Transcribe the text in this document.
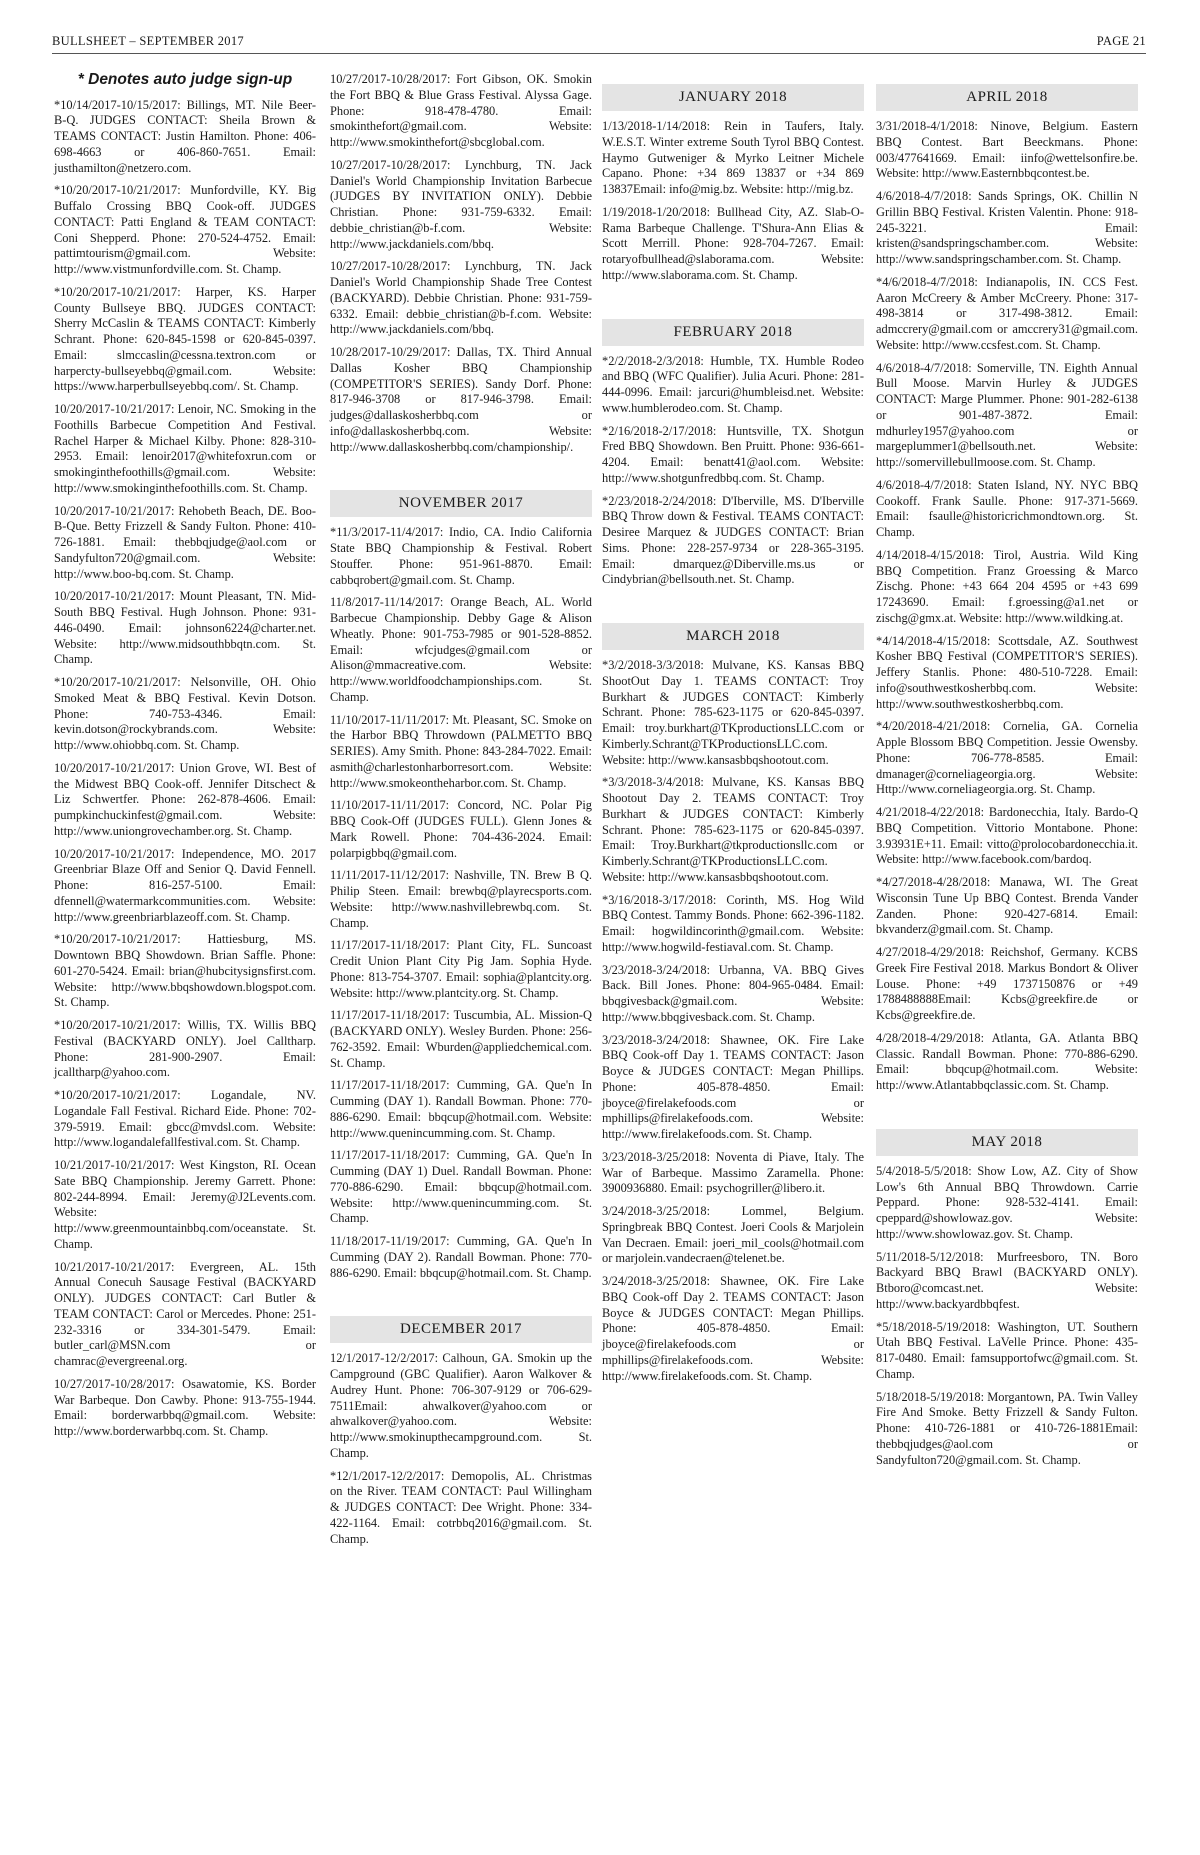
BULLSHEET – SEPTEMBER 2017	PAGE 21
* Denotes auto judge sign-up

*10/14/2017-10/15/2017: Billings, MT. Nile Beer-B-Q. JUDGES CONTACT: Sheila Brown & TEAMS CONTACT: Justin Hamilton. Phone: 406-698-4663 or 406-860-7651. Email: justhamilton@netzero.com.

*10/20/2017-10/21/2017: Munfordville, KY. Big Buffalo Crossing BBQ Cook-off. JUDGES CONTACT: Patti England & TEAM CONTACT: Coni Shepperd. Phone: 270-524-4752. Email: pattimtourism@gmail.com. Website: http://www.vistmunfordville.com. St. Champ.

*10/20/2017-10/21/2017: Harper, KS. Harper County Bullseye BBQ. JUDGES CONTACT: Sherry McCaslin & TEAMS CONTACT: Kimberly Schrant. Phone: 620-845-1598 or 620-845-0397. Email: slmccaslin@cessna.textron.com or harpercty-bullseyebbq@gmail.com. Website: https://www.harperbullseyebbq.com/. St. Champ.

10/20/2017-10/21/2017: Lenoir, NC. Smoking in the Foothills Barbecue Competition And Festival. Rachel Harper & Michael Kilby. Phone: 828-310-2953. Email: lenoir2017@whitefoxrun.com or smokinginthefoothills@gmail.com. Website: http://www.smokinginthefoothills.com. St. Champ.

10/20/2017-10/21/2017: Rehobeth Beach, DE. Boo-B-Que. Betty Frizzell & Sandy Fulton. Phone: 410-726-1881. Email: thebbqjudge@aol.com or Sandyfulton720@gmail.com. Website: http://www.boo-bq.com. St. Champ.

10/20/2017-10/21/2017: Mount Pleasant, TN. Mid-South BBQ Festival. Hugh Johnson. Phone: 931-446-0490. Email: johnson6224@charter.net. Website: http://www.midsouthbbqtn.com. St. Champ.

*10/20/2017-10/21/2017: Nelsonville, OH. Ohio Smoked Meat & BBQ Festival. Kevin Dotson. Phone: 740-753-4346. Email: kevin.dotson@rockybrands.com. Website: http://www.ohiobbq.com. St. Champ.

10/20/2017-10/21/2017: Union Grove, WI. Best of the Midwest BBQ Cook-off. Jennifer Ditschect & Liz Schwertfer. Phone: 262-878-4606. Email: pumpkinchuckinfest@gmail.com. Website: http://www.uniongrovechamber.org. St. Champ.

10/20/2017-10/21/2017: Independence, MO. 2017 Greenbriar Blaze Off and Senior Q. David Fennell. Phone: 816-257-5100. Email: dfennell@watermarkcommunities.com. Website: http://www.greenbriarblazeoff.com. St. Champ.

*10/20/2017-10/21/2017: Hattiesburg, MS. Downtown BBQ Showdown. Brian Saffle. Phone: 601-270-5424. Email: brian@hubcitysignsfirst.com. Website: http://www.bbqshowdown.blogspot.com. St. Champ.

*10/20/2017-10/21/2017: Willis, TX. Willis BBQ Festival (BACKYARD ONLY). Joel Calltharp. Phone: 281-900-2907. Email: jcalltharp@yahoo.com.

*10/20/2017-10/21/2017: Logandale, NV. Logandale Fall Festival. Richard Eide. Phone: 702-379-5919. Email: gbcc@mvdsl.com. Website: http://www.logandalefallfestival.com. St. Champ.

10/21/2017-10/21/2017: West Kingston, RI. Ocean Sate BBQ Championship. Jeremy Garrett. Phone: 802-244-8994. Email: Jeremy@J2Levents.com. Website: http://www.greenmountainbbq.com/oceanstate. St. Champ.

10/21/2017-10/21/2017: Evergreen, AL. 15th Annual Conecuh Sausage Festival (BACKYARD ONLY). JUDGES CONTACT: Carl Butler & TEAM CONTACT: Carol or Mercedes. Phone: 251-232-3316 or 334-301-5479. Email: butler_carl@MSN.com or chamrac@evergreenal.org.

10/27/2017-10/28/2017: Osawatomie, KS. Border War Barbeque. Don Cawby. Phone: 913-755-1944. Email: borderwarbbq@gmail.com. Website: http://www.borderwarbbq.com. St. Champ.

10/27/2017-10/28/2017: Fort Gibson, OK. Smokin the Fort BBQ & Blue Grass Festival. Alyssa Gage. Phone: 918-478-4780. Email: smokinthefort@gmail.com. Website: http://www.smokinthefort@sbcglobal.com.

10/27/2017-10/28/2017: Lynchburg, TN. Jack Daniel's World Championship Invitation Barbecue (JUDGES BY INVITATION ONLY). Debbie Christian. Phone: 931-759-6332. Email: debbie_christian@b-f.com. Website: http://www.jackdaniels.com/bbq.

10/27/2017-10/28/2017: Lynchburg, TN. Jack Daniel's World Championship Shade Tree Contest (BACKYARD). Debbie Christian. Phone: 931-759-6332. Email: debbie_christian@b-f.com. Website: http://www.jackdaniels.com/bbq.

10/28/2017-10/29/2017: Dallas, TX. Third Annual Dallas Kosher BBQ Championship (COMPETITOR'S SERIES). Sandy Dorf. Phone: 817-946-3708 or 817-946-3798. Email: judges@dallaskosherbbq.com or info@dallaskosherbbq.com. Website: http://www.dallaskosherbbq.com/championship/.

NOVEMBER 2017

*11/3/2017-11/4/2017: Indio, CA. Indio California State BBQ Championship & Festival. Robert Stouffer. Phone: 951-961-8870. Email: cabbqrobert@gmail.com. St. Champ.

11/8/2017-11/14/2017: Orange Beach, AL. World Barbecue Championship. Debby Gage & Alison Wheatly. Phone: 901-753-7985 or 901-528-8852. Email: wfcjudges@gmail.com or Alison@mmacreative.com. Website: http://www.worldfoodchampionships.com. St. Champ.

11/10/2017-11/11/2017: Mt. Pleasant, SC. Smoke on the Harbor BBQ Throwdown (PALMETTO BBQ SERIES). Amy Smith. Phone: 843-284-7022. Email: asmith@charlestonharborresort.com. Website: http://www.smokeontheharbor.com. St. Champ.

11/10/2017-11/11/2017: Concord, NC. Polar Pig BBQ Cook-Off (JUDGES FULL). Glenn Jones & Mark Rowell. Phone: 704-436-2024. Email: polarpigbbq@gmail.com.

11/11/2017-11/12/2017: Nashville, TN. Brew B Q. Philip Steen. Email: brewbq@playrecsports.com. Website: http://www.nashvillebrewbq.com. St. Champ.

11/17/2017-11/18/2017: Plant City, FL. Suncoast Credit Union Plant City Pig Jam. Sophia Hyde. Phone: 813-754-3707. Email: sophia@plantcity.org. Website: http://www.plantcity.org. St. Champ.

11/17/2017-11/18/2017: Tuscumbia, AL. Mission-Q (BACKYARD ONLY). Wesley Burden. Phone: 256-762-3592. Email: Wburden@appliedchemical.com. St. Champ.

11/17/2017-11/18/2017: Cumming, GA. Que'n In Cumming (DAY 1). Randall Bowman. Phone: 770-886-6290. Email: bbqcup@hotmail.com. Website: http://www.quenincumming.com. St. Champ.

11/17/2017-11/18/2017: Cumming, GA. Que'n In Cumming (DAY 1) Duel. Randall Bowman. Phone: 770-886-6290. Email: bbqcup@hotmail.com. Website: http://www.quenincumming.com. St. Champ.

11/18/2017-11/19/2017: Cumming, GA. Que'n In Cumming (DAY 2). Randall Bowman. Phone: 770-886-6290. Email: bbqcup@hotmail.com. St. Champ.

DECEMBER 2017

12/1/2017-12/2/2017: Calhoun, GA. Smokin up the Campground (GBC Qualifier). Aaron Walkover & Audrey Hunt. Phone: 706-307-9129 or 706-629-7511Email: ahwalkover@yahoo.com or ahwalkover@yahoo.com. Website: http://www.smokinupthecampground.com. St. Champ.

*12/1/2017-12/2/2017: Demopolis, AL. Christmas on the River. TEAM CONTACT: Paul Willingham & JUDGES CONTACT: Dee Wright. Phone: 334-422-1164. Email: cotrbbq2016@gmail.com. St. Champ.

JANUARY 2018

1/13/2018-1/14/2018: Rein in Taufers, Italy. W.E.S.T. Winter extreme South Tyrol BBQ Contest. Haymo Gutweniger & Myrko Leitner Michele Capano. Phone: +34 869 13837 or +34 869 13837Email: info@mig.bz. Website: http://mig.bz.

1/19/2018-1/20/2018: Bullhead City, AZ. Slab-O-Rama Barbeque Challenge. T'Shura-Ann Elias & Scott Merrill. Phone: 928-704-7267. Email: rotaryofbullhead@slaborama.com. Website: http://www.slaborama.com. St. Champ.

FEBRUARY 2018

*2/2/2018-2/3/2018: Humble, TX. Humble Rodeo and BBQ (WFC Qualifier). Julia Acuri. Phone: 281-444-0996. Email: jarcuri@humbleisd.net. Website: www.humblerodeo.com. St. Champ.

*2/16/2018-2/17/2018: Huntsville, TX. Shotgun Fred BBQ Showdown. Ben Pruitt. Phone: 936-661-4204. Email: benatt41@aol.com. Website: http://www.shotgunfredbbq.com. St. Champ.

*2/23/2018-2/24/2018: D'Iberville, MS. D'Iberville BBQ Throw down & Festival. TEAMS CONTACT: Desiree Marquez & JUDGES CONTACT: Brian Sims. Phone: 228-257-9734 or 228-365-3195. Email: dmarquez@Diberville.ms.us or Cindybrian@bellsouth.net. St. Champ.

MARCH 2018

*3/2/2018-3/3/2018: Mulvane, KS. Kansas BBQ ShootOut Day 1. TEAMS CONTACT: Troy Burkhart & JUDGES CONTACT: Kimberly Schrant. Phone: 785-623-1175 or 620-845-0397. Email: troy.burkhart@TKproductionsLLC.com or Kimberly.Schrant@TKProductionsLLC.com. Website: http://www.kansasbbqshootout.com.

*3/3/2018-3/4/2018: Mulvane, KS. Kansas BBQ Shootout Day 2. TEAMS CONTACT: Troy Burkhart & JUDGES CONTACT: Kimberly Schrant. Phone: 785-623-1175 or 620-845-0397. Email: Troy.Burkhart@tkproductionsllc.com or Kimberly.Schrant@TKProductionsLLC.com. Website: http://www.kansasbbqshootout.com.

*3/16/2018-3/17/2018: Corinth, MS. Hog Wild BBQ Contest. Tammy Bonds. Phone: 662-396-1182. Email: hogwildincorinth@gmail.com. Website: http://www.hogwild-festiaval.com. St. Champ.

3/23/2018-3/24/2018: Urbanna, VA. BBQ Gives Back. Bill Jones. Phone: 804-965-0484. Email: bbqgivesback@gmail.com. Website: http://www.bbqgivesback.com. St. Champ.

3/23/2018-3/24/2018: Shawnee, OK. Fire Lake BBQ Cook-off Day 1. TEAMS CONTACT: Jason Boyce & JUDGES CONTACT: Megan Phillips. Phone: 405-878-4850. Email: jboyce@firelakefoods.com or mphillips@firelakefoods.com. Website: http://www.firelakefoods.com. St. Champ.

3/23/2018-3/25/2018: Noventa di Piave, Italy. The War of Barbeque. Massimo Zaramella. Phone: 3900936880. Email: psychogriller@libero.it.

3/24/2018-3/25/2018: Lommel, Belgium. Springbreak BBQ Contest. Joeri Cools & Marjolein Van Decraen. Email: joeri_mil_cools@hotmail.com or marjolein.vandecraen@telenet.be.

3/24/2018-3/25/2018: Shawnee, OK. Fire Lake BBQ Cook-off Day 2. TEAMS CONTACT: Jason Boyce & JUDGES CONTACT: Megan Phillips. Phone: 405-878-4850. Email: jboyce@firelakefoods.com or mphillips@firelakefoods.com. Website: http://www.firelakefoods.com. St. Champ.

APRIL 2018

3/31/2018-4/1/2018: Ninove, Belgium. Eastern BBQ Contest. Bart Beeckmans. Phone: 003/477641669. Email: iinfo@wettelsonfire.be. Website: http://www.Easternbbqcontest.be.

4/6/2018-4/7/2018: Sands Springs, OK. Chillin N Grillin BBQ Festival. Kristen Valentin. Phone: 918-245-3221. Email: kristen@sandspringschamber.com. Website: http://www.sandspringschamber.com. St. Champ.

*4/6/2018-4/7/2018: Indianapolis, IN. CCS Fest. Aaron McCreery & Amber McCreery. Phone: 317-498-3814 or 317-498-3812. Email: admccrery@gmail.com or amccrery31@gmail.com. Website: http://www.ccsfest.com. St. Champ.

4/6/2018-4/7/2018: Somerville, TN. Eighth Annual Bull Moose. Marvin Hurley & JUDGES CONTACT: Marge Plummer. Phone: 901-282-6138 or 901-487-3872. Email: mdhurley1957@yahoo.com or margeplummer1@bellsouth.net. Website: http://somervillebullmoose.com. St. Champ.

4/6/2018-4/7/2018: Staten Island, NY. NYC BBQ Cookoff. Frank Saulle. Phone: 917-371-5669. Email: fsaulle@historicrichmondtown.org. St. Champ.

4/14/2018-4/15/2018: Tirol, Austria. Wild King BBQ Competition. Franz Groessing & Marco Zischg. Phone: +43 664 204 4595 or +43 699 17243690. Email: f.groessing@a1.net or zischg@gmx.at. Website: http://www.wildking.at.

*4/14/2018-4/15/2018: Scottsdale, AZ. Southwest Kosher BBQ Festival (COMPETITOR'S SERIES). Jeffery Stanlis. Phone: 480-510-7228. Email: info@southwestkosherbbq.com. Website: http://www.southwestkosherbbq.com.

*4/20/2018-4/21/2018: Cornelia, GA. Cornelia Apple Blossom BBQ Competition. Jessie Owensby. Phone: 706-778-8585. Email: dmanager@corneliageorgia.org. Website: Http://www.corneliageorgia.org. St. Champ.

4/21/2018-4/22/2018: Bardonecchia, Italy. Bardo-Q BBQ Competition. Vittorio Montabone. Phone: 3.93931E+11. Email: vitto@prolocobardonecchia.it. Website: http://www.facebook.com/bardoq.

*4/27/2018-4/28/2018: Manawa, WI. The Great Wisconsin Tune Up BBQ Contest. Brenda Vander Zanden. Phone: 920-427-6814. Email: bkvanderz@gmail.com. St. Champ.

4/27/2018-4/29/2018: Reichshof, Germany. KCBS Greek Fire Festival 2018. Markus Bondort & Oliver Louse. Phone: +49 1737150876 or +49 1788488888Email: Kcbs@greekfire.de or Kcbs@greekfire.de.

4/28/2018-4/29/2018: Atlanta, GA. Atlanta BBQ Classic. Randall Bowman. Phone: 770-886-6290. Email: bbqcup@hotmail.com. Website: http://www.Atlantabbqclassic.com. St. Champ.

MAY 2018

5/4/2018-5/5/2018: Show Low, AZ. City of Show Low's 6th Annual BBQ Throwdown. Carrie Peppard. Phone: 928-532-4141. Email: cpeppard@showlowaz.gov. Website: http://www.showlowaz.gov. St. Champ.

5/11/2018-5/12/2018: Murfreesboro, TN. Boro Backyard BBQ Brawl (BACKYARD ONLY). Btboro@comcast.net. Website: http://www.backyardbbqfest.

*5/18/2018-5/19/2018: Washington, UT. Southern Utah BBQ Festival. LaVelle Prince. Phone: 435-817-0480. Email: famsupportofwc@gmail.com. St. Champ.

5/18/2018-5/19/2018: Morgantown, PA. Twin Valley Fire And Smoke. Betty Frizzell & Sandy Fulton. Phone: 410-726-1881 or 410-726-1881Email: thebbqjudges@aol.com or Sandyfulton720@gmail.com. St. Champ.
